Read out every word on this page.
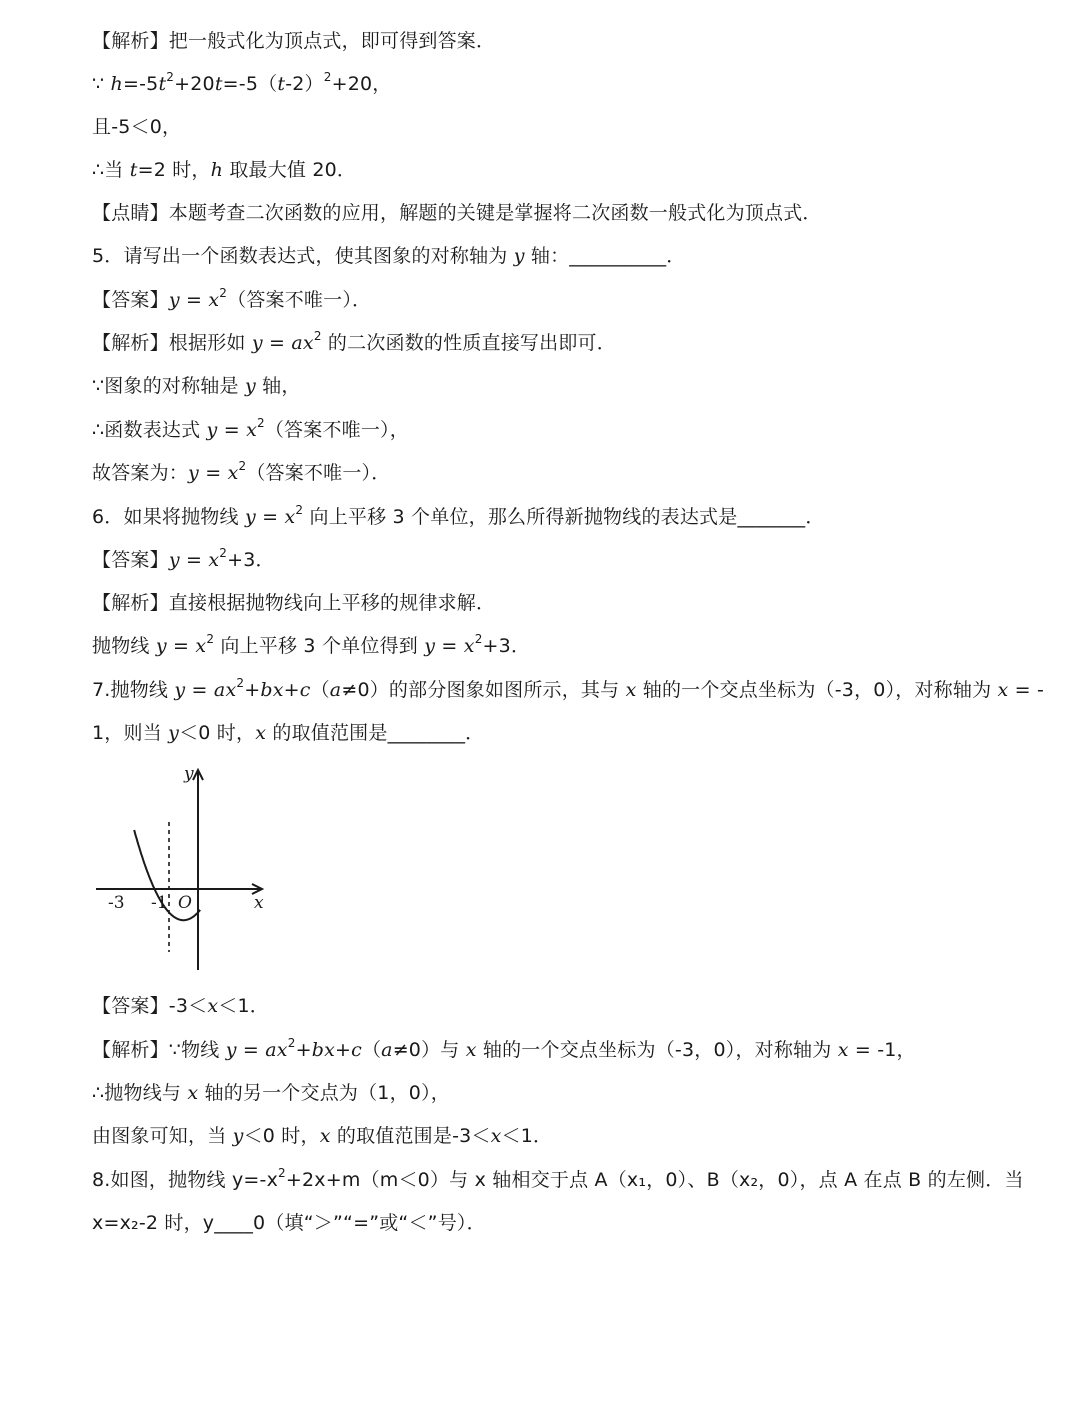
【解析】把一般式化为顶点式，即可得到答案．
∵ $h=-5t^2+20t=-5(t-2)^2+20$，
且-5＜0，
∴当 t=2 时，h 取最大值 20．
【点睛】本题考查二次函数的应用，解题的关键是掌握将二次函数一般式化为顶点式．
5．请写出一个函数表达式，使其图象的对称轴为 y 轴：__________．
【答案】$y = x^2$（答案不唯一）．
【解析】根据形如 $y = ax^2$ 的二次函数的性质直接写出即可．
∵图象的对称轴是 y 轴，
∴函数表达式 $y = x^2$（答案不唯一），
故答案为：$y = x^2$（答案不唯一）．
6．如果将抛物线 $y = x^2$ 向上平移 3 个单位，那么所得新抛物线的表达式是_______．
【答案】$y = x^2+3$．
【解析】直接根据抛物线向上平移的规律求解．
抛物线 $y = x^2$ 向上平移 3 个单位得到 $y = x^2+3$．
7.抛物线 $y = ax^2+bx+c(a\ne 0)$的部分图象如图所示，其与 x 轴的一个交点坐标为（-3，0），对称轴为 x = -
1，则当 y＜0 时，x 的取值范围是________．
y
x
-3 -1 O
【答案】-3＜x＜1．
【解析】∵物线 $y = ax^2+bx+c(a\ne 0)$与 x 轴的一个交点坐标为（-3，0），对称轴为 x = -1，
∴抛物线与 x 轴的另一个交点为（1，0），
由图象可知，当 y＜0 时，x 的取值范围是-3＜x＜1．
8.如图，抛物线 $y=-x^2+2x+m(m<0)$与 x 轴相交于点 A（x₁，0）、B（x₂，0），点 A 在点 B 的左侧．当
x=x₂-2 时，y____0（填“＞”“=”或“＜”号）．
